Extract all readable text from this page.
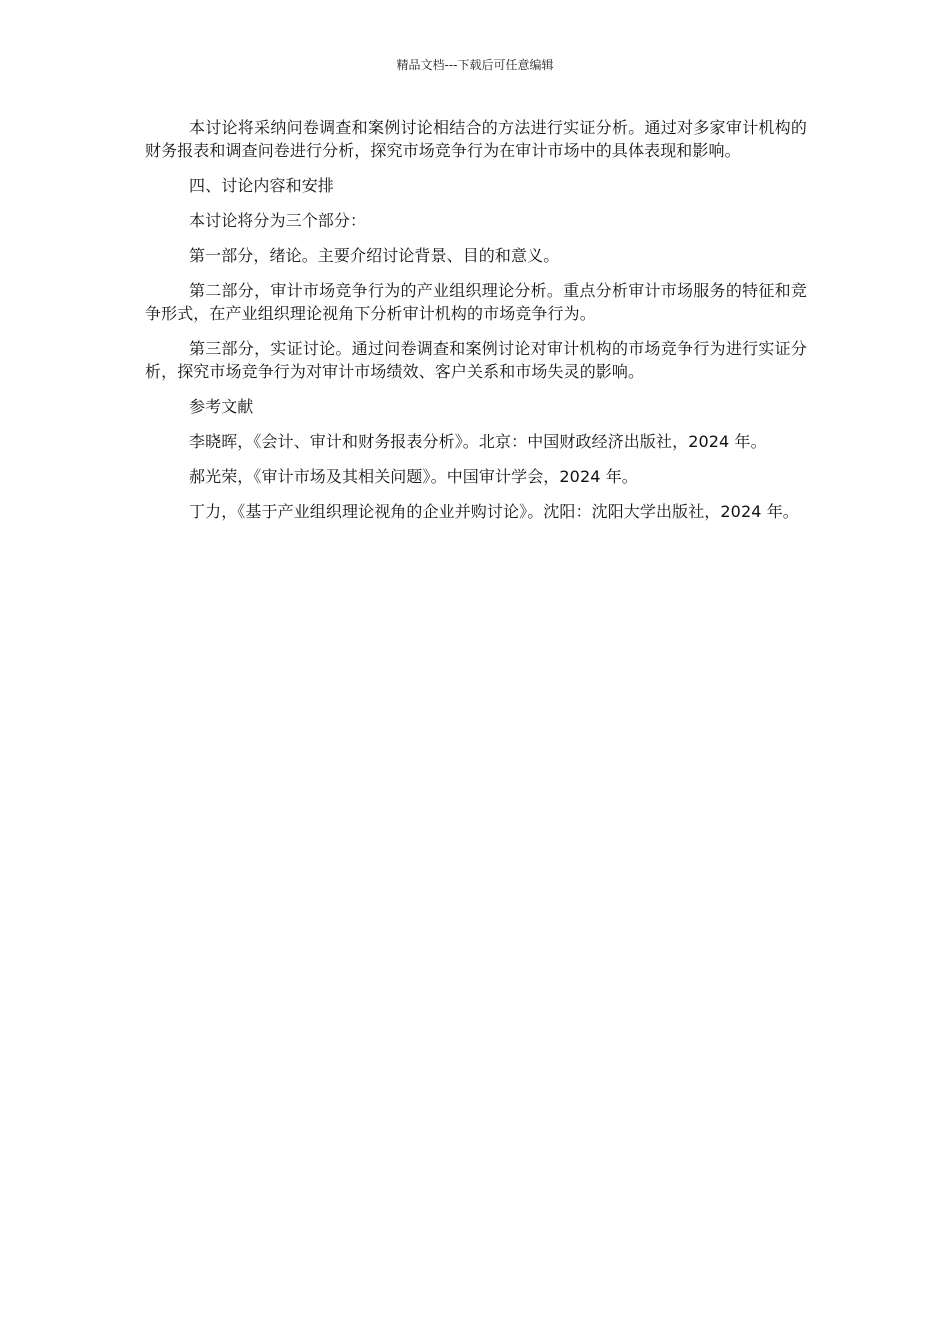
精品文档---下载后可任意编辑

本讨论将采纳问卷调查和案例讨论相结合的方法进行实证分析。通过对多家审计机构的财务报表和调查问卷进行分析，探究市场竞争行为在审计市场中的具体表现和影响。

四、讨论内容和安排

本讨论将分为三个部分：

第一部分，绪论。主要介绍讨论背景、目的和意义。

第二部分，审计市场竞争行为的产业组织理论分析。重点分析审计市场服务的特征和竞争形式，在产业组织理论视角下分析审计机构的市场竞争行为。

第三部分，实证讨论。通过问卷调查和案例讨论对审计机构的市场竞争行为进行实证分析，探究市场竞争行为对审计市场绩效、客户关系和市场失灵的影响。

参考文献

李晓晖，《会计、审计和财务报表分析》。北京：中国财政经济出版社，2024 年。

郝光荣，《审计市场及其相关问题》。中国审计学会，2024 年。

丁力，《基于产业组织理论视角的企业并购讨论》。沈阳：沈阳大学出版社，2024 年。
